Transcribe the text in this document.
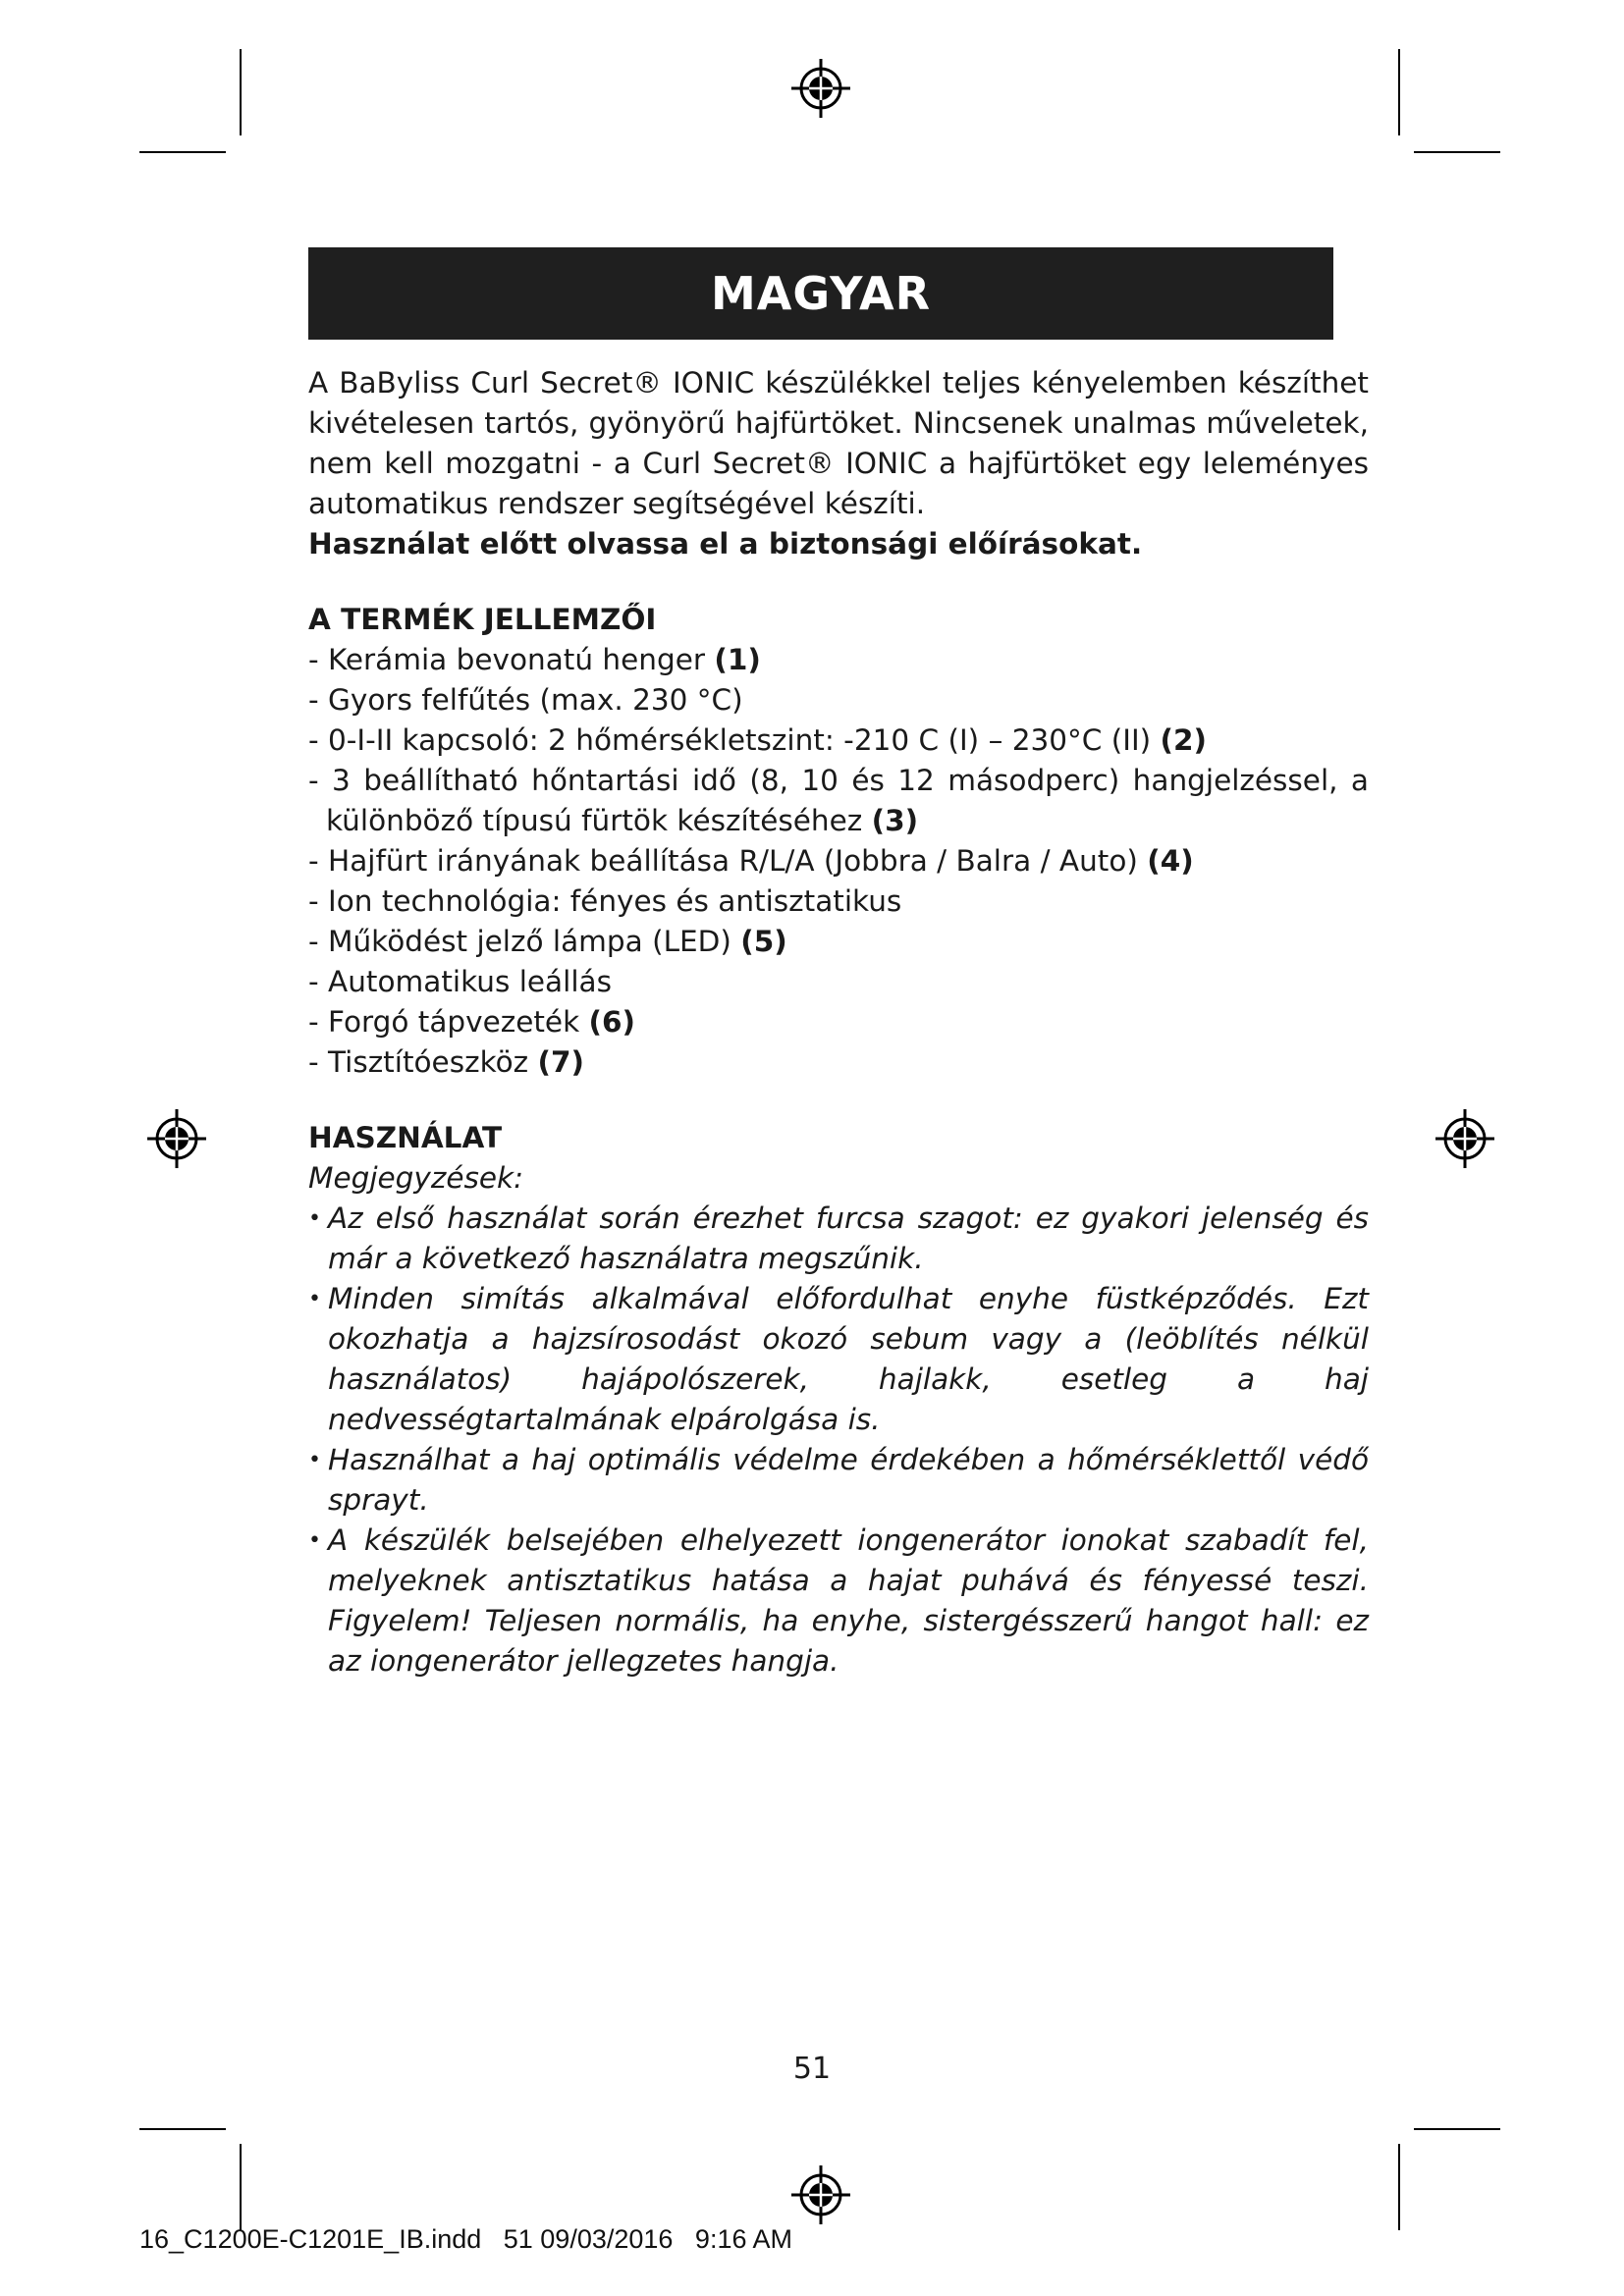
MAGYAR

A BaByliss Curl Secret® IONIC készülékkel teljes kényelemben készíthet kivételesen tartós, gyönyörű hajfürtöket. Nincsenek unalmas műveletek, nem kell mozgatni - a Curl Secret® IONIC a hajfürtöket egy leleményes automatikus rendszer segítségével készíti.

Használat előtt olvassa el a biztonsági előírásokat.

A TERMÉK JELLEMZŐI

- Kerámia bevonatú henger (1)
- Gyors felfűtés (max. 230 °C)
- 0-I-II kapcsoló: 2 hőmérsékletszint: -210 C (I) – 230°C (II) (2)
- 3 beállítható hőntartási idő (8, 10 és 12 másodperc) hangjelzéssel, a különböző típusú fürtök készítéséhez (3)
- Hajfürt irányának beállítása R/L/A (Jobbra / Balra / Auto) (4)
- Ion technológia: fényes és antisztatikus
- Működést jelző lámpa (LED) (5)
- Automatikus leállás
- Forgó tápvezeték (6)
- Tisztítóeszköz (7)

HASZNÁLAT

Megjegyzések:

• Az első használat során érezhet furcsa szagot: ez gyakori jelenség és már a következő használatra megszűnik.
• Minden simítás alkalmával előfordulhat enyhe füstképződés. Ezt okozhatja a hajzsírosodást okozó sebum vagy a (leöblítés nélkül használatos) hajápolószerek, hajlakk, esetleg a haj nedvességtartalmának elpárolgása is.
• Használhat a haj optimális védelme érdekében a hőmérséklettől védő sprayt.
• A készülék belsejében elhelyezett iongenerátor ionokat szabadít fel, melyeknek antisztatikus hatása a hajat puhává és fényessé teszi. Figyelem! Teljesen normális, ha enyhe, sistergésszerű hangot hall: ez az iongenerátor jellegzetes hangja.
51
16_C1200E-C1201E_IB.indd   51 09/03/2016   9:16 AM
